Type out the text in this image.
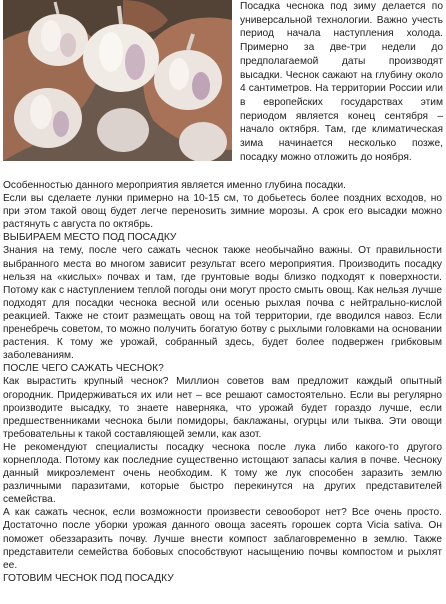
Посадка чеснока под зиму делается по универсальной технологии. Важно учесть период начала наступления холода. Примерно за две-три недели до предполагаемой даты производят высадки. Чеснок сажают на глубину около 4 сантиметров. На территории России или в европейских государствах этим периодом является конец сентября – начало октября. Там, где климатическая зима начинается несколько позже, посадку можно отложить до ноября.

Особенностью данного мероприятия является именно глубина посадки.

Если вы сделаете лунки примерно на 10-15 см, то добьетесь более поздних всходов, но при этом такой овощ будет легче перенosить зимние морозы. А срок его высадки можно растянуть с августа по октябрь.

ВЫБИРАЕМ МЕСТО ПОД ПОСАДКУ

Знания на тему, после чего сажать чеснок также необычайно важны. От правильности выбранного места во многом зависит результат всего мероприятия. Производить посадку нельзя на «кислых» почвах и там, где грунтовые воды близко подходят к поверхности. Потому как с наступлением теплой погоды они могут просто смыть овощ. Как нельзя лучше подходят для посадки чеснока весной или осенью рыхлая почва с нейтрально-кислой реакцией. Также не стоит размещать овощ на той территории, где вводился навоз. Если пренебречь советом, то можно получить богатую ботву с рыхлыми головками на основании растения. К тому же урожай, собранный здесь, будет более подвержен грибковым заболеваниям.

ПОСЛЕ ЧЕГО САЖАТЬ ЧЕСНОК?

Как вырастить крупный чеснок? Миллион советов вам предложит каждый опытный огородник. Придерживаться их или нет – все решают самостоятельно. Если вы регулярно производите высадку, то знаете наверняка, что урожай будет гораздо лучше, если предшественниками чеснока были помидоры, баклажаны, огурцы или тыква. Эти овощи требовательны к такой составляющей земли, как азот.

Не рекомендуют специалисты посадку чеснока после лука либо какого-то другого корнеплода. Потому как последние существенно истощают запасы калия в почве. Чесноку данный микроэлемент очень необходим. К тому же лук способен заразить землю различными паразитами, которые быстро перекинутся на других представителей семейства.

А как сажать чеснок, если возможности произвести севооборот нет? Все очень просто. Достаточно после уборки урожая данного овоща засеять горошек сорта Vicia sativa. Он поможет обеззаразить почву. Лучше внести компост заблаговременно в землю. Также представители семейства бобовых способствуют насыщению почвы компостом и рыхлят ее.

ГОТОВИМ ЧЕСНОК ПОД ПОСАДКУ
